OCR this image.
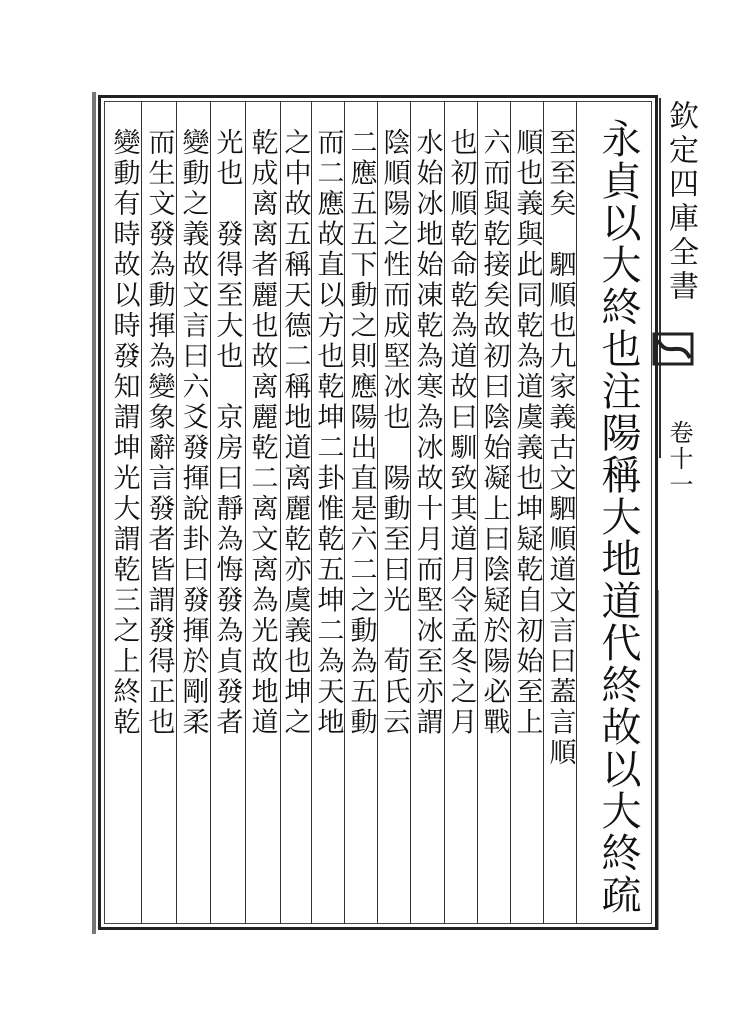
永貞以大終也注陽稱大地道代終故以大終疏
至至矣　駟順也九家義古文駟順道文言曰蓋言順
順也義與此同乾為道虞義也坤疑乾自初始至上
六而與乾接矣故初曰陰始凝上曰陰疑於陽必戰
也初順乾命乾為道故曰馴致其道月令孟冬之月
水始冰地始凍乾為寒為冰故十月而堅冰至亦謂
陰順陽之性而成堅冰也　陽動至曰光　荀氏云
二應五五下動之則應陽出直是六二之動為五動
而二應故直以方也乾坤二卦惟乾五坤二為天地
之中故五稱天德二稱地道离麗乾亦虞義也坤之
乾成离离者麗也故离麗乾二离文离為光故地道
光也　發得至大也　京房曰靜為悔發為貞發者
變動之義故文言曰六爻發揮說卦曰發揮於剛柔
而生文發為動揮為變象辭言發者皆謂發得正也
變動有時故以時發知謂坤光大謂乾三之上終乾	欽定四庫全書
卷十一
